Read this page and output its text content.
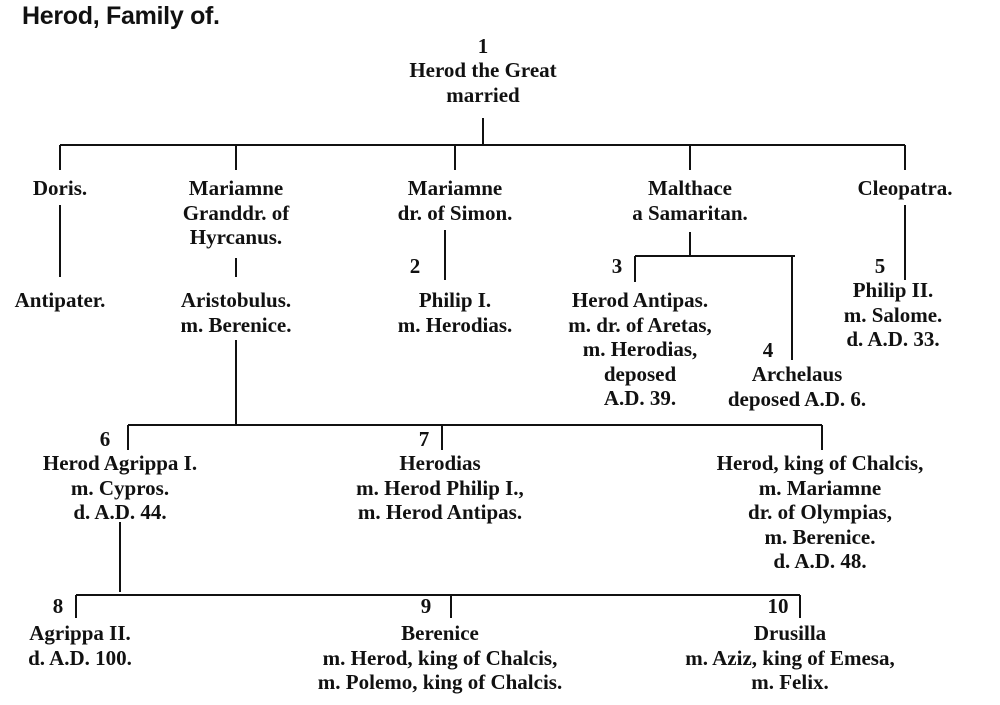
Herod, Family of.
1
Herod the Great
married
Doris.	Mariamne
Granddr. of
Hyrcanus.
Mariamne
dr. of Simon.
Malthace
a Samaritan.
Cleopatra.
Antipater.	Aristobulus.
m. Berenice.
2
Philip I.
m. Herodias.
3
Herod Antipas.
m. dr. of Aretas,
m. Herodias,
deposed
A.D. 39.
4
Archelaus
deposed A.D. 6.
5
Philip II.
m. Salome.
d. A.D. 33.
6
Herod Agrippa I.
m. Cypros.
d. A.D. 44.
7
Herodias
m. Herod Philip I.,
m. Herod Antipas.
Herod, king of Chalcis,
m. Mariamne
dr. of Olympias,
m. Berenice.
d. A.D. 48.
8
Agrippa II.
d. A.D. 100.
9
Berenice
m. Herod, king of Chalcis,
m. Polemo, king of Chalcis.
10
Drusilla
m. Aziz, king of Emesa,
m. Felix.
